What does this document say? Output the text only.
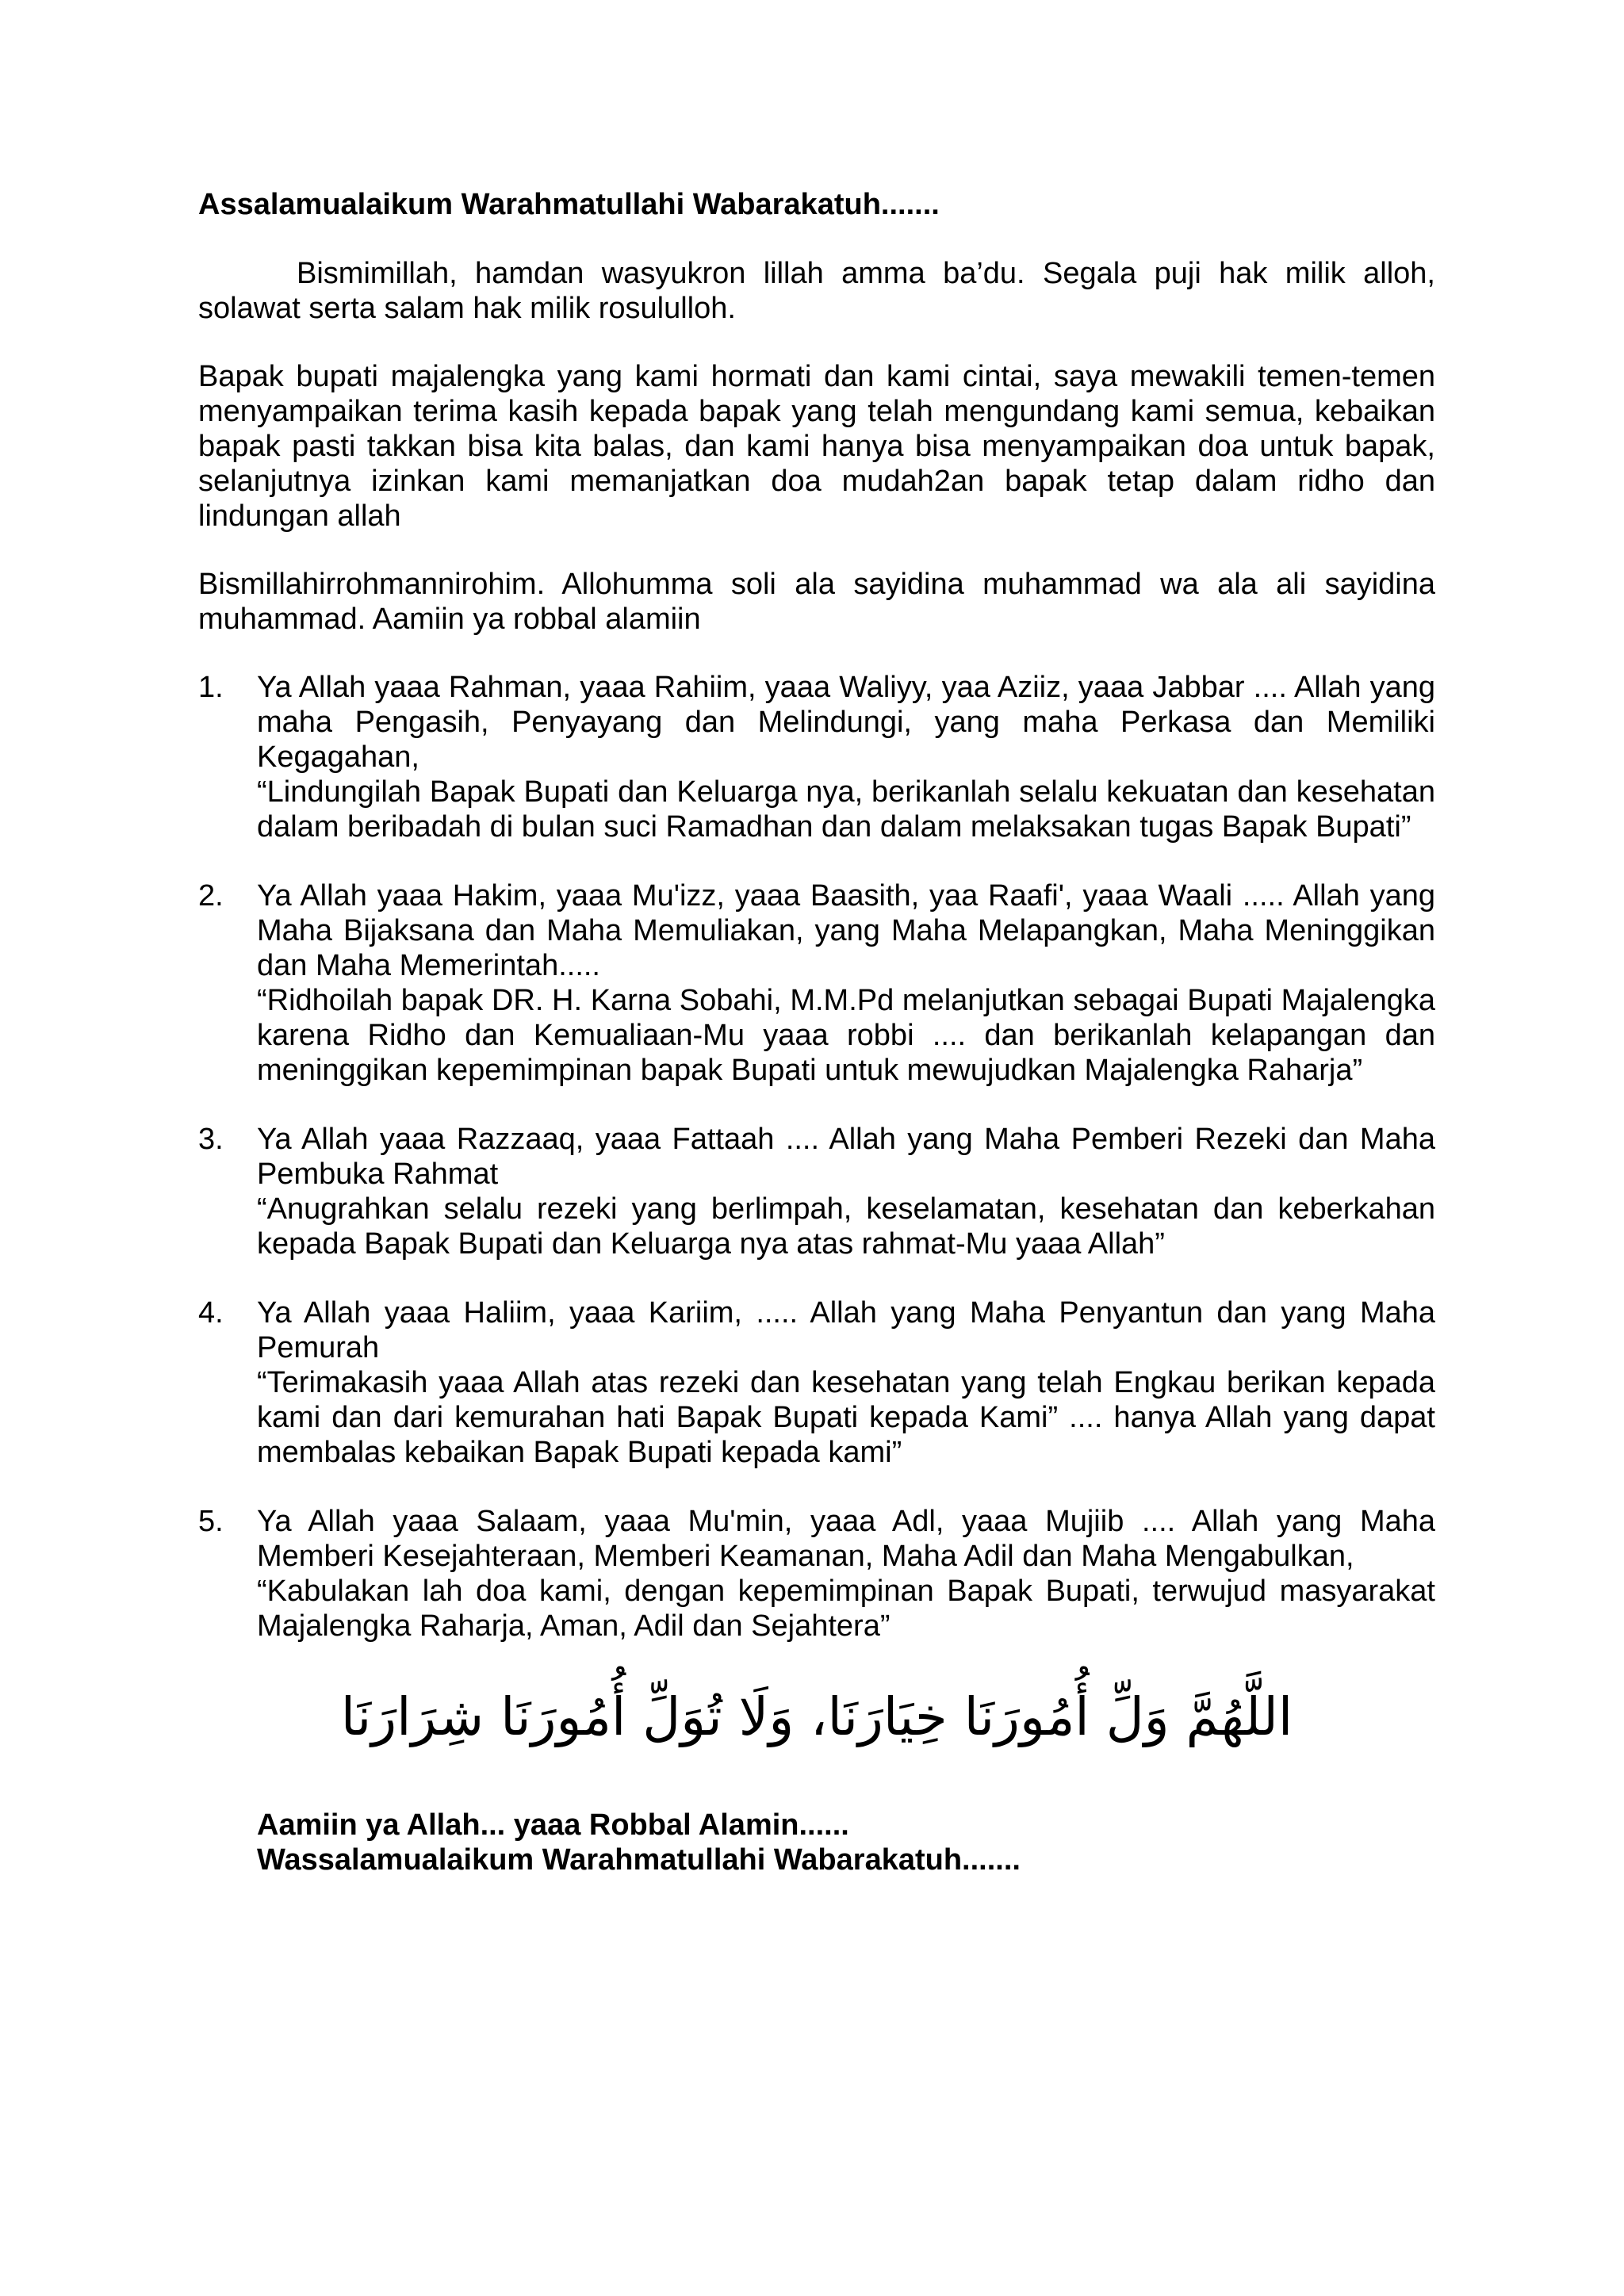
Assalamualaikum Warahmatullahi Wabarakatuh.......

Bismimillah, hamdan wasyukron lillah amma ba’du. Segala puji hak milik alloh, solawat serta salam hak milik rosululloh.

Bapak bupati majalengka yang kami hormati dan kami cintai, saya mewakili temen-temen menyampaikan terima kasih kepada bapak yang telah mengundang kami semua, kebaikan bapak pasti takkan bisa kita balas, dan kami hanya bisa menyampaikan doa untuk bapak, selanjutnya izinkan kami memanjatkan doa mudah2an bapak tetap dalam ridho dan lindungan allah

Bismillahirrohmannirohim. Allohumma soli ala sayidina muhammad wa ala ali sayidina muhammad. Aamiin ya robbal alamiin

1.	Ya Allah yaaa Rahman, yaaa Rahiim, yaaa Waliyy, yaa Aziiz, yaaa Jabbar .... Allah yang maha Pengasih, Penyayang dan Melindungi, yang maha Perkasa dan Memiliki Kegagahan,
“Lindungilah Bapak Bupati dan Keluarga nya, berikanlah selalu kekuatan dan kesehatan dalam beribadah di bulan suci Ramadhan dan dalam melaksakan tugas Bapak Bupati”
2.	Ya Allah yaaa Hakim, yaaa Mu'izz, yaaa Baasith, yaa Raafi', yaaa Waali ..... Allah yang Maha Bijaksana dan Maha Memuliakan, yang Maha Melapangkan, Maha Meninggikan dan Maha Memerintah.....
“Ridhoilah bapak DR. H. Karna Sobahi, M.M.Pd melanjutkan sebagai Bupati Majalengka karena Ridho dan Kemualiaan-Mu yaaa robbi .... dan berikanlah kelapangan dan meninggikan kepemimpinan bapak Bupati untuk mewujudkan Majalengka Raharja”
3.	Ya Allah yaaa Razzaaq, yaaa Fattaah .... Allah yang Maha Pemberi Rezeki dan Maha Pembuka Rahmat
“Anugrahkan selalu rezeki yang berlimpah, keselamatan, kesehatan dan keberkahan kepada Bapak Bupati dan Keluarga nya atas rahmat-Mu yaaa Allah”
4.	Ya Allah yaaa Haliim, yaaa Kariim, ..... Allah yang Maha Penyantun dan yang Maha Pemurah
“Terimakasih yaaa Allah atas rezeki dan kesehatan yang telah Engkau berikan kepada kami dan dari kemurahan hati Bapak Bupati kepada Kami” .... hanya Allah yang dapat membalas kebaikan Bapak Bupati kepada kami”
5.	Ya Allah yaaa Salaam, yaaa Mu'min, yaaa Adl, yaaa Mujiib .... Allah yang Maha Memberi Kesejahteraan, Memberi Keamanan, Maha Adil dan Maha Mengabulkan,
“Kabulakan lah doa kami, dengan kepemimpinan Bapak Bupati, terwujud masyarakat Majalengka Raharja, Aman, Adil dan Sejahtera”
اللَّهُمَّ وَلِّ أُمُورَنَا خِيَارَنَا، وَلَا تُوَلِّ أُمُورَنَا شِرَارَنَا
Aamiin ya Allah... yaaa Robbal Alamin......
Wassalamualaikum Warahmatullahi Wabarakatuh.......
